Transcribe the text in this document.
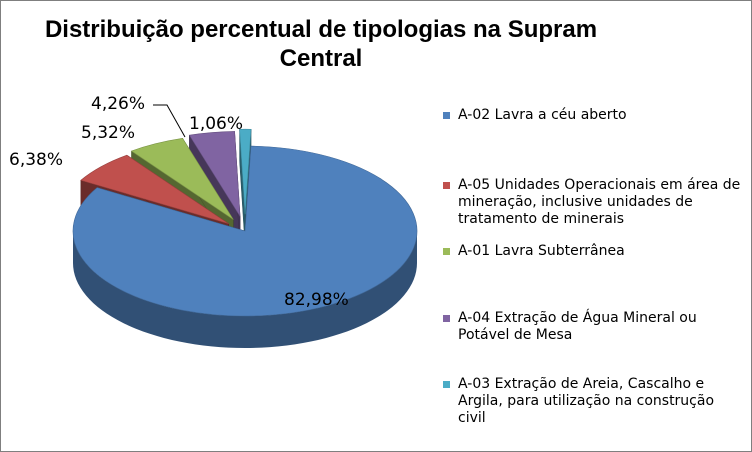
Distribuição percentual de tipologias na Supram Central
82,98%
6,38%
5,32%
4,26%
1,06%	A-02 Lavra a céu aberto
A-05 Unidades Operacionais em área de mineração, inclusive unidades de tratamento de minerais
A-01 Lavra Subterrânea
A-04 Extração de Água Mineral ou Potável de Mesa
A-03 Extração de Areia, Cascalho e Argila, para utilização na construção civil
